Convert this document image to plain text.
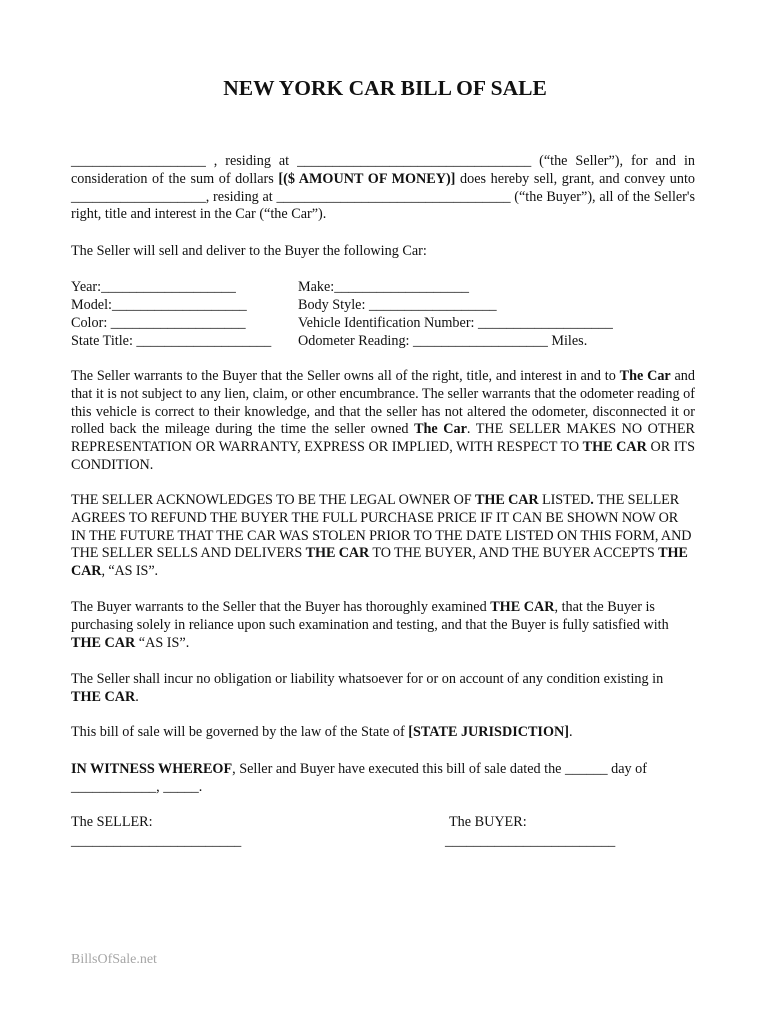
NEW YORK CAR BILL OF SALE
___________________ , residing at _________________________________ (“the Seller”), for and in consideration of the sum of dollars [($ AMOUNT OF MONEY)] does hereby sell, grant, and convey unto ___________________, residing at _________________________________ (“the Buyer”), all of the Seller's right, title and interest in the Car (“the Car”).
The Seller will sell and deliver to the Buyer the following Car:
Year:___________________	Make:___________________
Model:___________________	Body Style: __________________
Color: ___________________	Vehicle Identification Number: ___________________
State Title: ___________________ Odometer Reading: ___________________ Miles.
The Seller warrants to the Buyer that the Seller owns all of the right, title, and interest in and to The Car and that it is not subject to any lien, claim, or other encumbrance. The seller warrants that the odometer reading of this vehicle is correct to their knowledge, and that the seller has not altered the odometer, disconnected it or rolled back the mileage during the time the seller owned The Car. THE SELLER MAKES NO OTHER REPRESENTATION OR WARRANTY, EXPRESS OR IMPLIED, WITH RESPECT TO THE CAR OR ITS CONDITION.
THE SELLER ACKNOWLEDGES TO BE THE LEGAL OWNER OF THE CAR LISTED. THE SELLER AGREES TO REFUND THE BUYER THE FULL PURCHASE PRICE IF IT CAN BE SHOWN NOW OR IN THE FUTURE THAT THE CAR WAS STOLEN PRIOR TO THE DATE LISTED ON THIS FORM, AND THE SELLER SELLS AND DELIVERS THE CAR TO THE BUYER, AND THE BUYER ACCEPTS THE CAR, “AS IS”.
The Buyer warrants to the Seller that the Buyer has thoroughly examined THE CAR, that the Buyer is purchasing solely in reliance upon such examination and testing, and that the Buyer is fully satisfied with THE CAR “AS IS”.
The Seller shall incur no obligation or liability whatsoever for or on account of any condition existing in THE CAR.
This bill of sale will be governed by the law of the State of [STATE JURISDICTION].
IN WITNESS WHEREOF, Seller and Buyer have executed this bill of sale dated the ______ day of ____________, _____.
The SELLER:	The BUYER:
________________________	________________________
BillsOfSale.net
